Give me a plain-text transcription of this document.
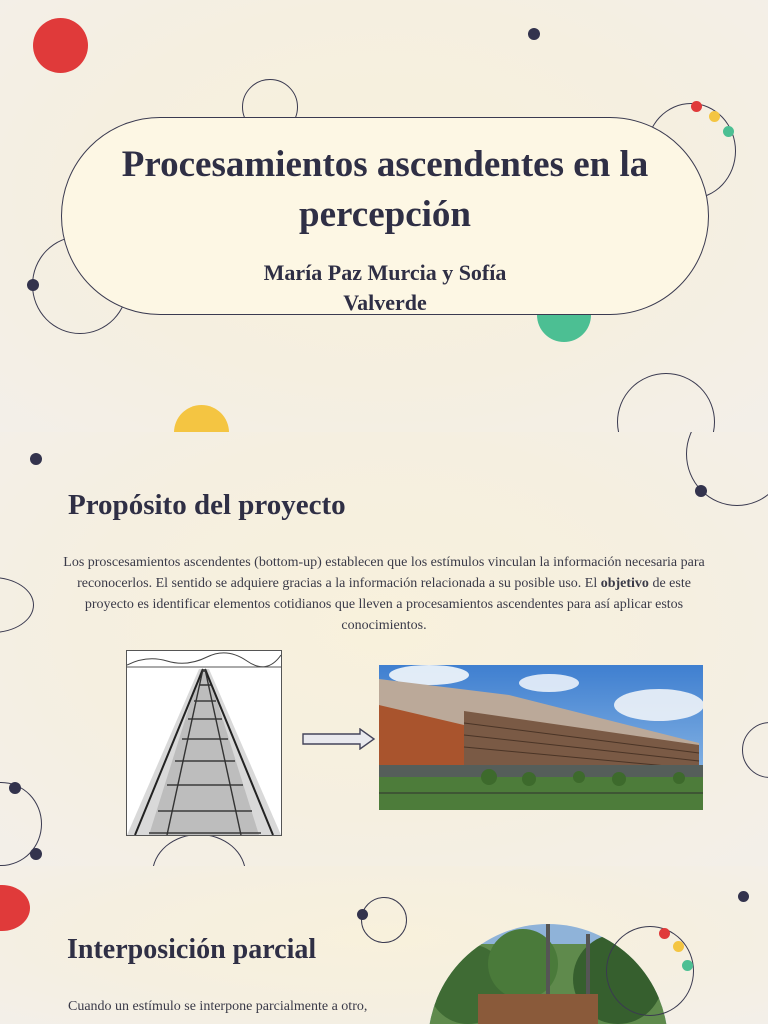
Procesamientos ascendentes en la percepción

María Paz Murcia y Sofía Valverde

Propósito del proyecto

Los proscesamientos ascendentes (bottom-up) establecen que los estímulos vinculan la información necesaria para reconocerlos. El sentido se adquiere gracias a la información relacionada a su posible uso. El objetivo de este proyecto es identificar elementos cotidianos que lleven a procesamientos ascendentes para así aplicar estos conocimientos.

Interposición parcial

Cuando un estímulo se interpone parcialmente a otro,
